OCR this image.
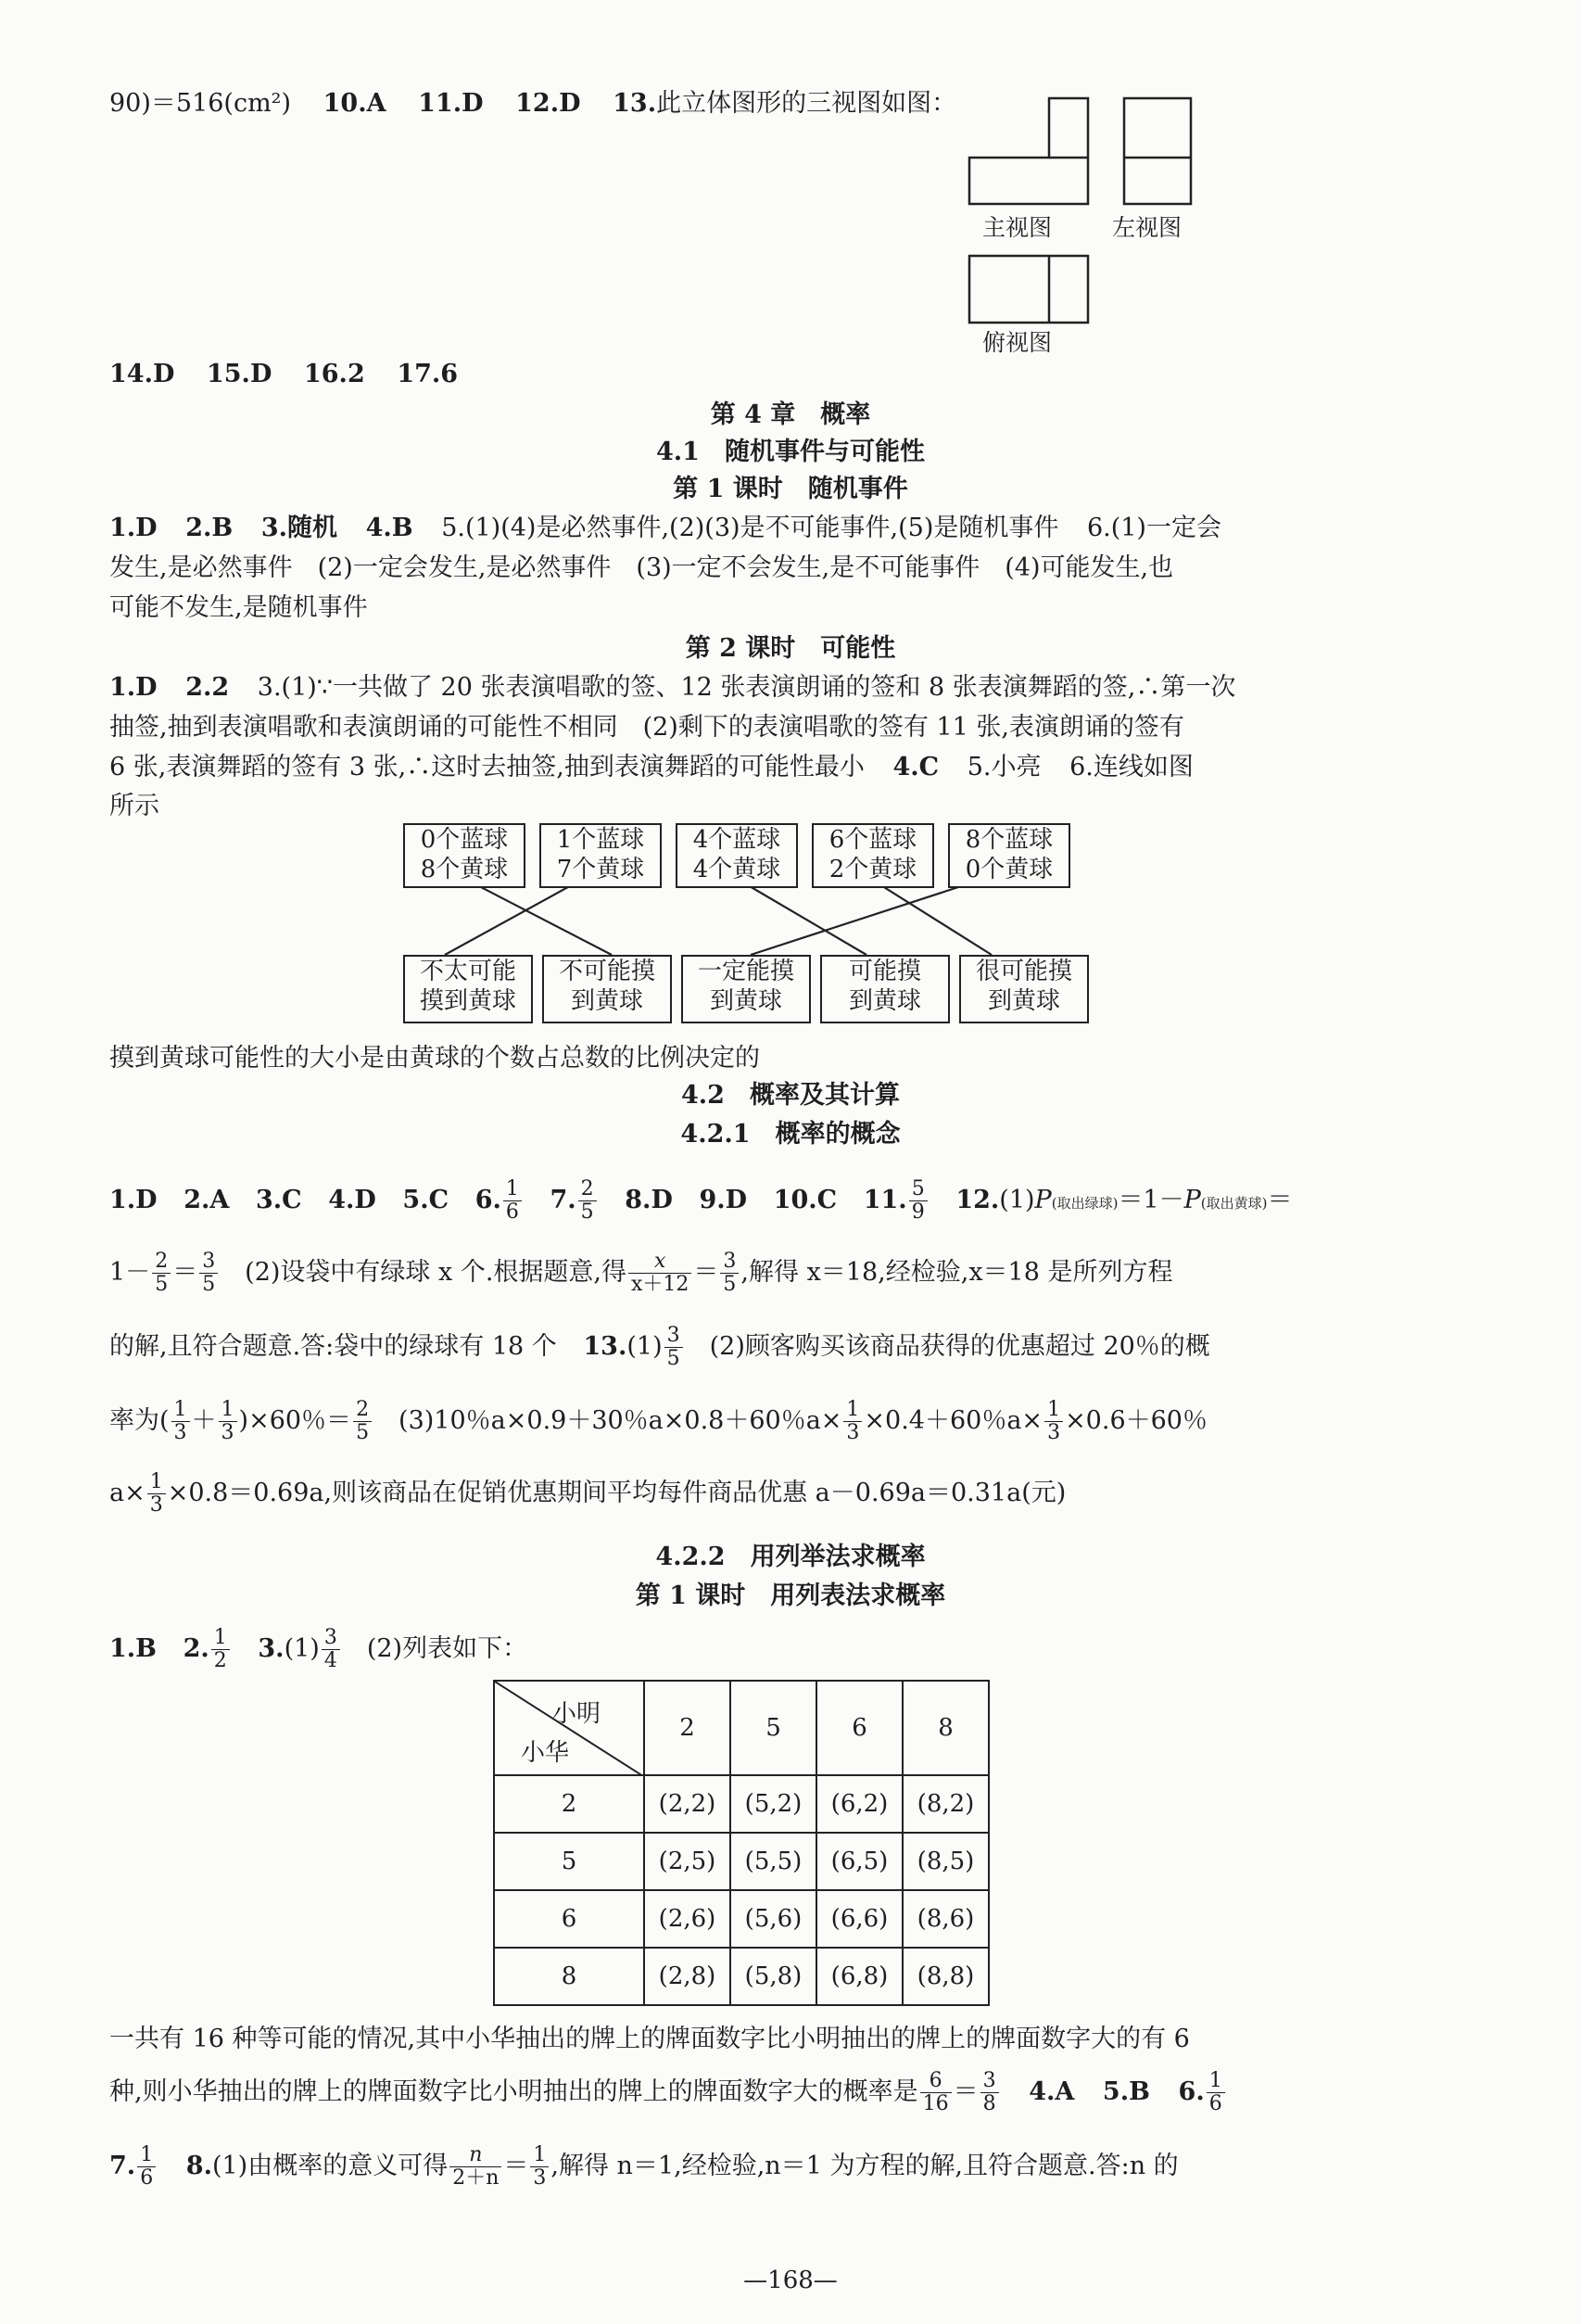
90)＝516(cm²) 10.A 11.D 12.D 13.此立体图形的三视图如图：
主视图	左视图
俯视图
14.D 15.D 16.2 17.6
第 4 章　概率
4.1　随机事件与可能性
第 1 课时　随机事件
1.D 2.B 3.随机 4.B 5.(1)(4)是必然事件,(2)(3)是不可能事件,(5)是随机事件 6.(1)一定会
发生,是必然事件　(2)一定会发生,是必然事件　(3)一定不会发生,是不可能事件　(4)可能发生,也
可能不发生,是随机事件
第 2 课时　可能性
1.D 2.2 3.(1)∵一共做了 20 张表演唱歌的签、12 张表演朗诵的签和 8 张表演舞蹈的签,∴第一次
抽签,抽到表演唱歌和表演朗诵的可能性不相同　(2)剩下的表演唱歌的签有 11 张,表演朗诵的签有
6 张,表演舞蹈的签有 3 张,∴这时去抽签,抽到表演舞蹈的可能性最小 4.C 5.小亮 6.连线如图
所示
0个蓝球
8个黄球
1个蓝球
7个黄球
4个蓝球
4个黄球
6个蓝球
2个黄球
8个蓝球
0个黄球
不太可能
摸到黄球
不可能摸
到黄球
一定能摸
到黄球
可能摸
到黄球
很可能摸
到黄球
摸到黄球可能性的大小是由黄球的个数占总数的比例决定的
4.2　概率及其计算
4.2.1　概率的概念
1.D 2.A 3.C 4.D 5.C 6. $\frac{1}{6} 7$. $\frac{2}{5} 8.D$ 9.D 10.C 11. $\frac{5}{9} 12.(1)P$(取出绿球)＝1－P(取出黄球)＝
$1- \frac{2}{5} = \frac{3}{5}$ 　(2)设袋中有绿球 x 个.根据题意,得 $\frac{x}{x+12} = \frac{3}{5}$ ,解得 x＝18,经检验,x＝18 是所列方程
的解,且符合题意.答:袋中的绿球有 18 个 $13.(1) \frac{3}{5}$ 　(2)顾客购买该商品获得的优惠超过 20％的概
率为( $\frac{1}{3} + \frac{1}{3} )\times 60$％＝ $\frac{2}{5}$ 　(3)10％a×0.9＋30％a×0.8＋60％$a\times \frac{1}{3} \times 0.4+60$％$a\times \frac{1}{3} \times 0.6+60$％
$a\times \frac{1}{3} \times 0.8=0.69a$,则该商品在促销优惠期间平均每件商品优惠 a－0.69a＝0.31a(元)
4.2.2　用列举法求概率
第 1 课时　用列表法求概率
1.B 2. $\frac{1}{2} 3.(1) \frac{3}{4}$ 　(2)列表如下：
小明
小华	2	5	6	8
2	(2,2)	(5,2)	(6,2)	(8,2)
5	(2,5)	(5,5)	(6,5)	(8,5)
6	(2,6)	(5,6)	(6,6)	(8,6)
8	(2,8)	(5,8)	(6,8)	(8,8)
一共有 16 种等可能的情况,其中小华抽出的牌上的牌面数字比小明抽出的牌上的牌面数字大的有 6
种,则小华抽出的牌上的牌面数字比小明抽出的牌上的牌面数字大的概率是 $\frac{6}{16} = \frac{3}{8} 4.A$ 5.B 6. $\frac{1}{6}$
7. $\frac{1}{6} 8.(1)$由概率的意义可得 $\frac{n}{2+n} = \frac{1}{3}$ ,解得 n＝1,经检验,n＝1 为方程的解,且符合题意.答:n 的
—168—
